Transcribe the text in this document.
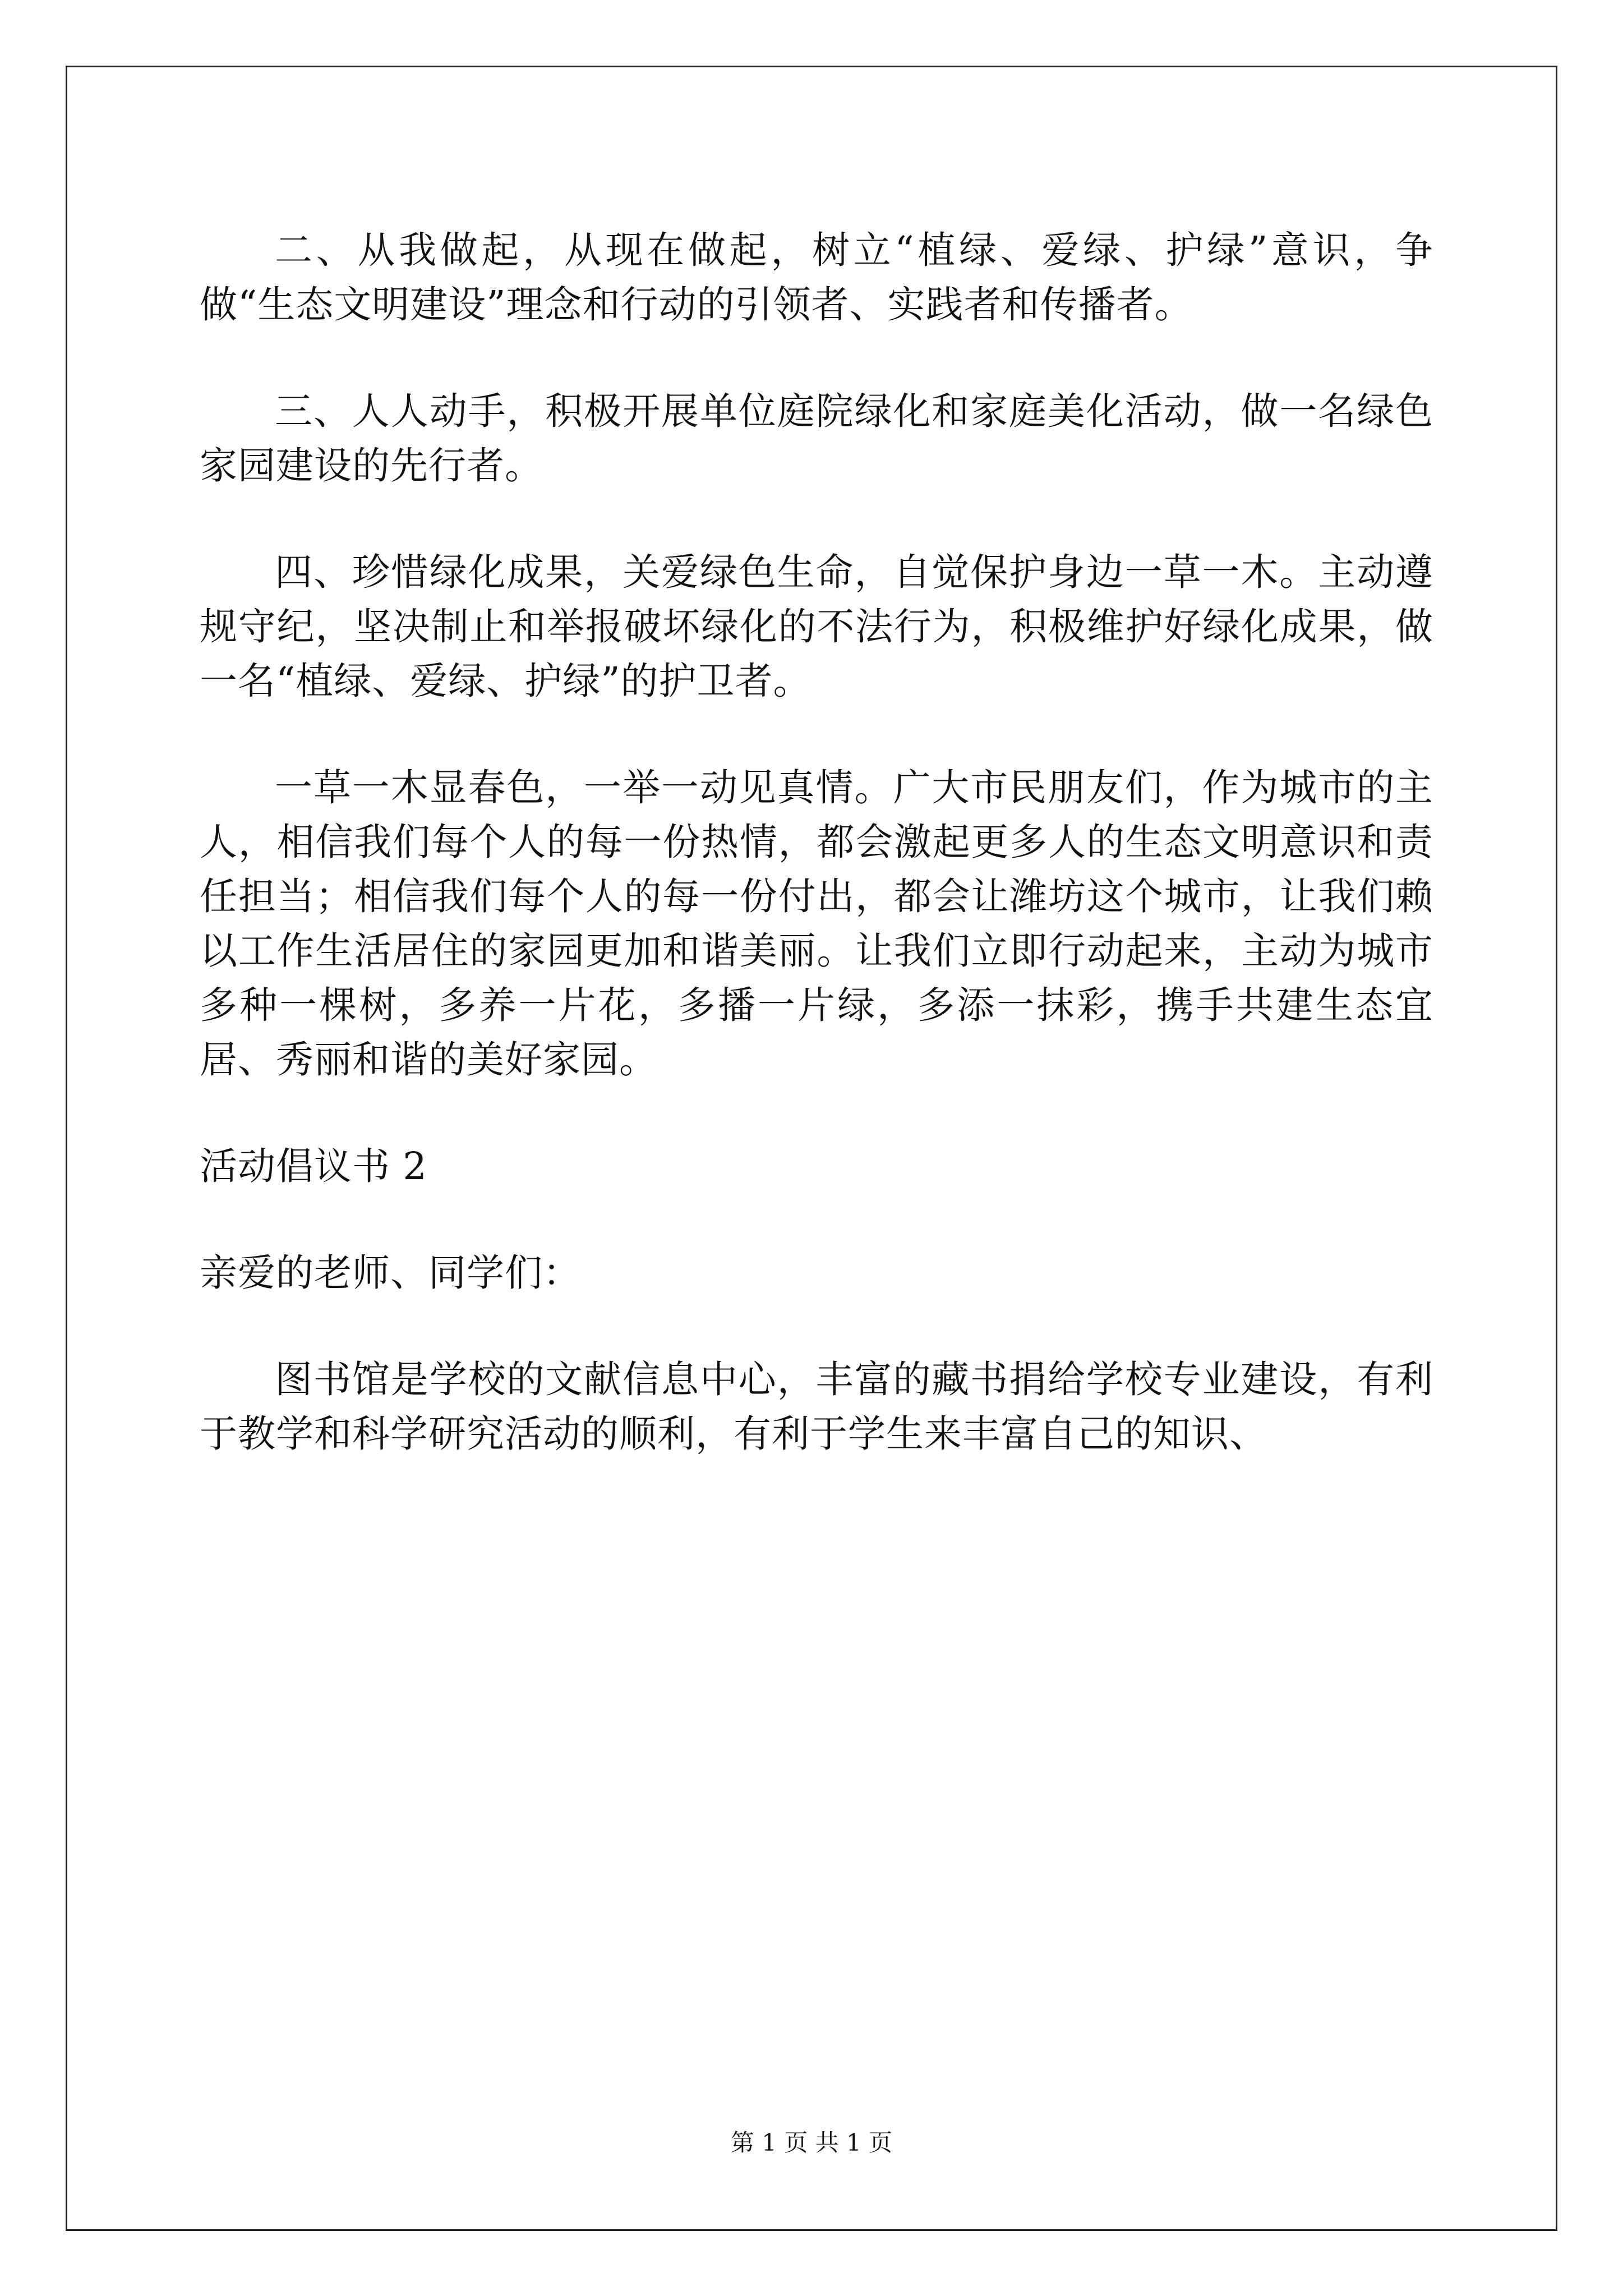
二、从我做起，从现在做起，树立“植绿、爱绿、护绿”意识，争做“生态文明建设”理念和行动的引领者、实践者和传播者。

三、人人动手，积极开展单位庭院绿化和家庭美化活动，做一名绿色家园建设的先行者。

四、珍惜绿化成果，关爱绿色生命，自觉保护身边一草一木。主动遵规守纪，坚决制止和举报破坏绿化的不法行为，积极维护好绿化成果，做一名“植绿、爱绿、护绿”的护卫者。

一草一木显春色，一举一动见真情。广大市民朋友们，作为城市的主人，相信我们每个人的每一份热情，都会激起更多人的生态文明意识和责任担当；相信我们每个人的每一份付出，都会让潍坊这个城市，让我们赖以工作生活居住的家园更加和谐美丽。让我们立即行动起来，主动为城市多种一棵树，多养一片花，多播一片绿，多添一抹彩，携手共建生态宜居、秀丽和谐的美好家园。

活动倡议书 2

亲爱的老师、同学们：

图书馆是学校的文献信息中心，丰富的藏书捐给学校专业建设，有利于教学和科学研究活动的顺利，有利于学生来丰富自己的知识、

第 1 页 共 1 页
